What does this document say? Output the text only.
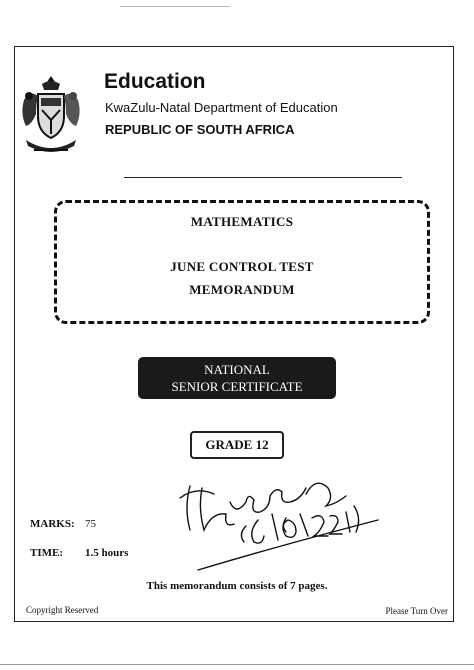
Education
KwaZulu-Natal Department of Education
REPUBLIC OF SOUTH AFRICA
MATHEMATICS
JUNE CONTROL TEST
MEMORANDUM
NATIONAL
SENIOR CERTIFICATE
GRADE 12
MARKS: 75
TIME: 1.5 hours
This memorandum consists of 7 pages.
Copyright Reserved	Please Turn Over
